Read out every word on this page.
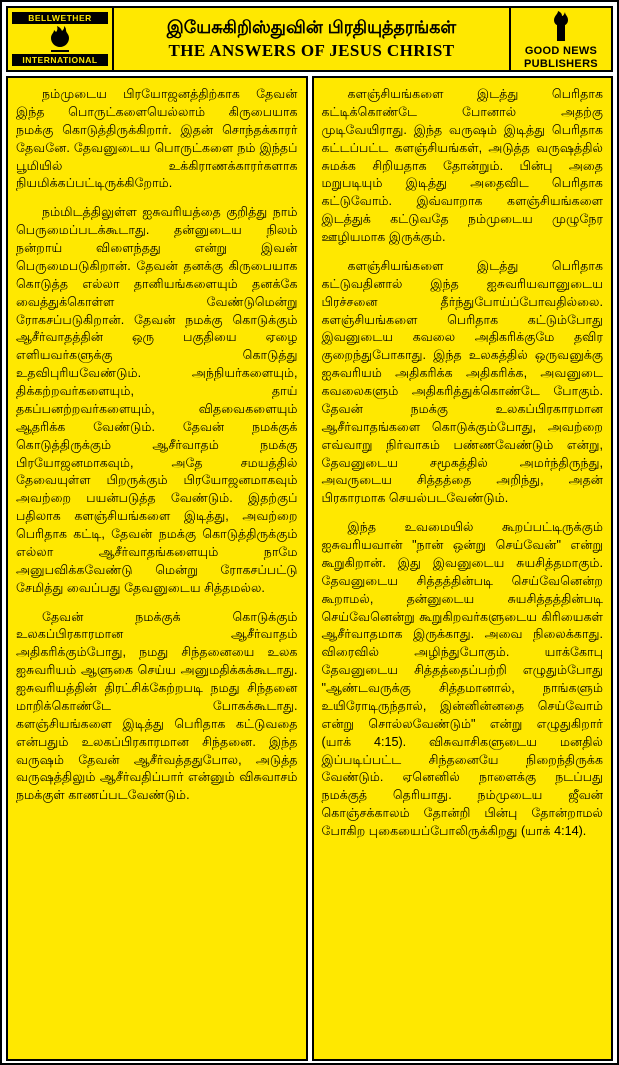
BELLWETHER
INTERNATIONAL
இயேசுகிறிஸ்துவின் பிரதியுத்தரங்கள்
THE ANSWERS OF JESUS CHRIST	GOOD NEWS
PUBLISHERS

நம்முடைய பிரயோஜனத்திற்காக தேவன் இந்த பொருட்களையெல்லாம் கிருபையாக நமக்கு கொடுத்திருக்கிறார். இதன் சொந்தக்காரர் தேவனே. தேவனுடைய பொருட்களை நம் இந்தப் பூமியில் உக்கிராணக்காரர்களாக நியமிக்கப்பட்டிருக்கிறோம்.

நம்மிடத்திலுள்ள ஐசுவரியத்தை குறித்து நாம் பெருமைப்படக்கூடாது. தன்னுடைய நிலம் நன்றாய் விளைந்தது என்று இவன் பெருமைபடுகிறான். தேவன் தனக்கு கிருபையாக கொடுத்த எல்லா தானியங்களையும் தனக்கே வைத்துக்கொள்ள வேண்டுமென்று ரோகசப்படுகிறான். தேவன் நமக்கு கொடுக்கும் ஆசீர்வாதத்தின் ஒரு பகுதியை ஏழை எளியவர்களுக்கு கொடுத்து உதவிபுரியவேண்டும். அந்நியர்களையும், திக்கற்றவர்களையும், தாய் தகப்பனற்றவர்களையும், விதவைகளையும் ஆதரிக்க வேண்டும். தேவன் நமக்குக் கொடுத்திருக்கும் ஆசீர்வாதம் நமக்கு பிரயோஜனமாகவும், அதே சமயத்தில் தேவையுள்ள பிறருக்கும் பிரயோஜனமாகவும் அவற்றை பயன்படுத்த வேண்டும். இதற்குப் பதிலாக களஞ்சியங்களை இடித்து, அவற்றை பெரிதாக கட்டி, தேவன் நமக்கு கொடுத்திருக்கும் எல்லா ஆசீர்வாதங்களையும் நாமே அனுபவிக்கவேண்டு மென்று ரோகசப்பட்டு சேமித்து வைப்பது தேவனுடைய சித்தமல்ல.

தேவன் நமக்குக் கொடுக்கும் உலகப்பிரகாரமான ஆசீர்வாதம் அதிகரிக்கும்போது, நமது சிந்தனையை உலக ஐசுவரியம் ஆளுகை செய்ய அனுமதிக்கக்கூடாது. ஐசுவரியத்தின் திரட்சிக்கேற்றபடி நமது சிந்தனை மாறிக்கொண்டே போகக்கூடாது. களஞ்சியங்களை இடித்து பெரிதாக கட்டுவதை என்பதும் உலகப்பிரகாரமான சிந்தனை. இந்த வருஷம் தேவன் ஆசீர்வத்ததுபோல, அடுத்த வருஷத்திலும் ஆசீர்வதிப்பார் என்னும் விசுவாசம் நமக்குள் காணப்படவேண்டும்.

களஞ்சியங்களை இடத்து பெரிதாக கட்டிக்கொண்டே போனால் அதற்கு முடிவேயிராது. இந்த வருஷம் இடித்து பெரிதாக கட்டப்பட்ட களஞ்சியங்கள், அடுத்த வருஷத்தில் சுமக்க சிறியதாக தோன்றும். பின்பு அதை மறுபடியும் இடித்து அதைவிட பெரிதாக கட்டுவோம். இவ்வாறாக களஞ்சியங்களை இடத்துக் கட்டுவதே நம்முடைய முழுநேர ஊழியமாக இருக்கும்.

களஞ்சியங்களை இடத்து பெரிதாக கட்டுவதினால் இந்த ஐசுவரியவானுடைய பிரச்சனை தீர்ந்துபோய்ப்போவதில்லை. களஞ்சியங்களை பெரிதாக கட்டும்போது இவனுடைய கவலை அதிகரிக்குமே தவிர குறைந்துபோகாது. இந்த உலகத்தில் ஒருவனுக்கு ஐசுவரியம் அதிகரிக்க அதிகரிக்க, அவனுடை கவலைகளும் அதிகரித்துக்கொண்டே போகும். தேவன் நமக்கு உலகப்பிரகாரமான ஆசீர்வாதங்களை கொடுக்கும்போது, அவற்றை எவ்வாறு நிர்வாகம் பண்ணவேண்டும் என்று, தேவனுடைய சமூகத்தில் அமர்ந்திருந்து, அவருடைய சித்தத்தை அறிந்து, அதன் பிரகாரமாக செயல்படவேண்டும்.

இந்த உவமையில் கூறப்பட்டிருக்கும் ஐசுவரியவான் "நான் ஒன்று செய்வேன்" என்று கூறுகிறான். இது இவனுடைய சுயசித்தமாகும். தேவனுடைய சித்தத்தின்படி செய்வேனென்ற கூறாமல், தன்னுடைய சுயசித்தத்தின்படி செய்வேனென்று கூறுகிறவர்களுடைய கிரியைகள் ஆசீர்வாதமாக இருக்காது. அவை நிலைக்காது. விரைவில் அழிந்துபோகும். யாக்கோபு தேவனுடைய சித்தத்தைப்பற்றி எழுதும்போது "ஆண்டவருக்கு சித்தமானால், நாங்களும் உயிரோடிருந்தால், இன்னின்னதை செய்வோம் என்று சொல்லவேண்டும்" என்று எழுதுகிறார் (யாக் 4:15). விசுவாசிகளுடைய மனதில் இப்படிப்பட்ட சிந்தனையே நிறைந்திருக்க வேண்டும். ஏனெனில் நாளைக்கு நடப்பது நமக்குத் தெரியாது. நம்முடைய ஜீவன் கொஞ்சக்காலம் தோன்றி பின்பு தோன்றாமல் போகிற புகையைப்போலிருக்கிறது (யாக் 4:14).
